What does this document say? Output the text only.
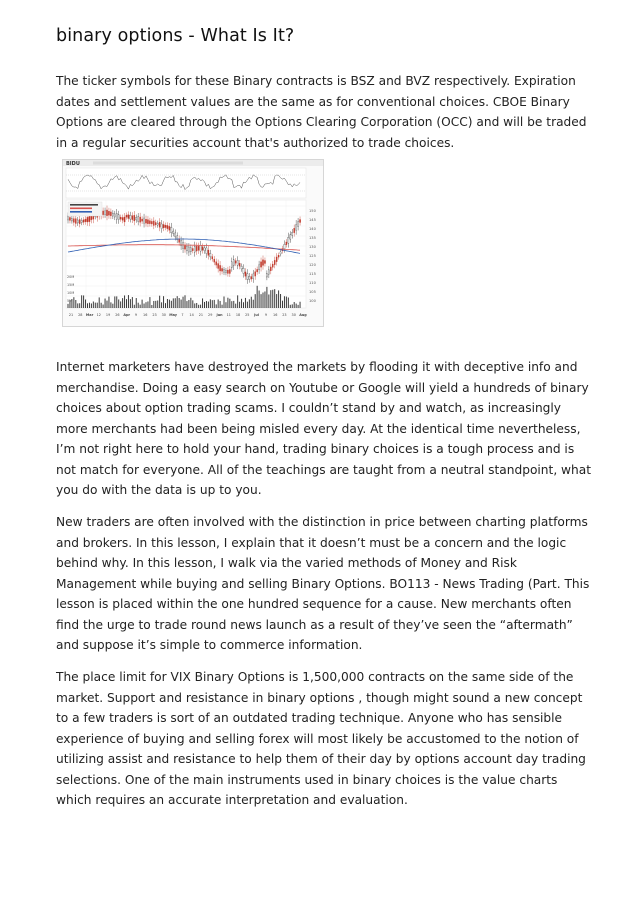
binary options - What Is It?

The ticker symbols for these Binary contracts is BSZ and BVZ respectively. Expiration dates and settlement values are the same as for conventional choices. CBOE Binary Options are cleared through the Options Clearing Corporation (OCC) and will be traded in a regular securities account that's authorized to trade choices.

BIDU
150
145
140
135
130
125
120
115
110
105
100
20M
15M
10M
5M
21 28 Mar 12 19 26 Apr 9 16 23 30 May 7 14 21 29 Jun 11 18 25 Jul 9 16 23 30 Aug

Internet marketers have destroyed the markets by flooding it with deceptive info and merchandise. Doing a easy search on Youtube or Google will yield a hundreds of binary choices about option trading scams. I couldn’t stand by and watch, as increasingly more merchants had been being misled every day. At the identical time nevertheless, I’m not right here to hold your hand, trading binary choices is a tough process and is not match for everyone. All of the teachings are taught from a neutral standpoint, what you do with the data is up to you.

New traders are often involved with the distinction in price between charting platforms and brokers. In this lesson, I explain that it doesn’t must be a concern and the logic behind why. In this lesson, I walk via the varied methods of Money and Risk Management while buying and selling Binary Options. BO113 - News Trading (Part. This lesson is placed within the one hundred sequence for a cause. New merchants often find the urge to trade round news launch as a result of they’ve seen the “aftermath” and suppose it’s simple to commerce information.

The place limit for VIX Binary Options is 1,500,000 contracts on the same side of the market. Support and resistance in binary options , though might sound a new concept to a few traders is sort of an outdated trading technique. Anyone who has sensible experience of buying and selling forex will most likely be accustomed to the notion of utilizing assist and resistance to help them of their day by options account day trading selections. One of the main instruments used in binary choices is the value charts which requires an accurate interpretation and evaluation.
